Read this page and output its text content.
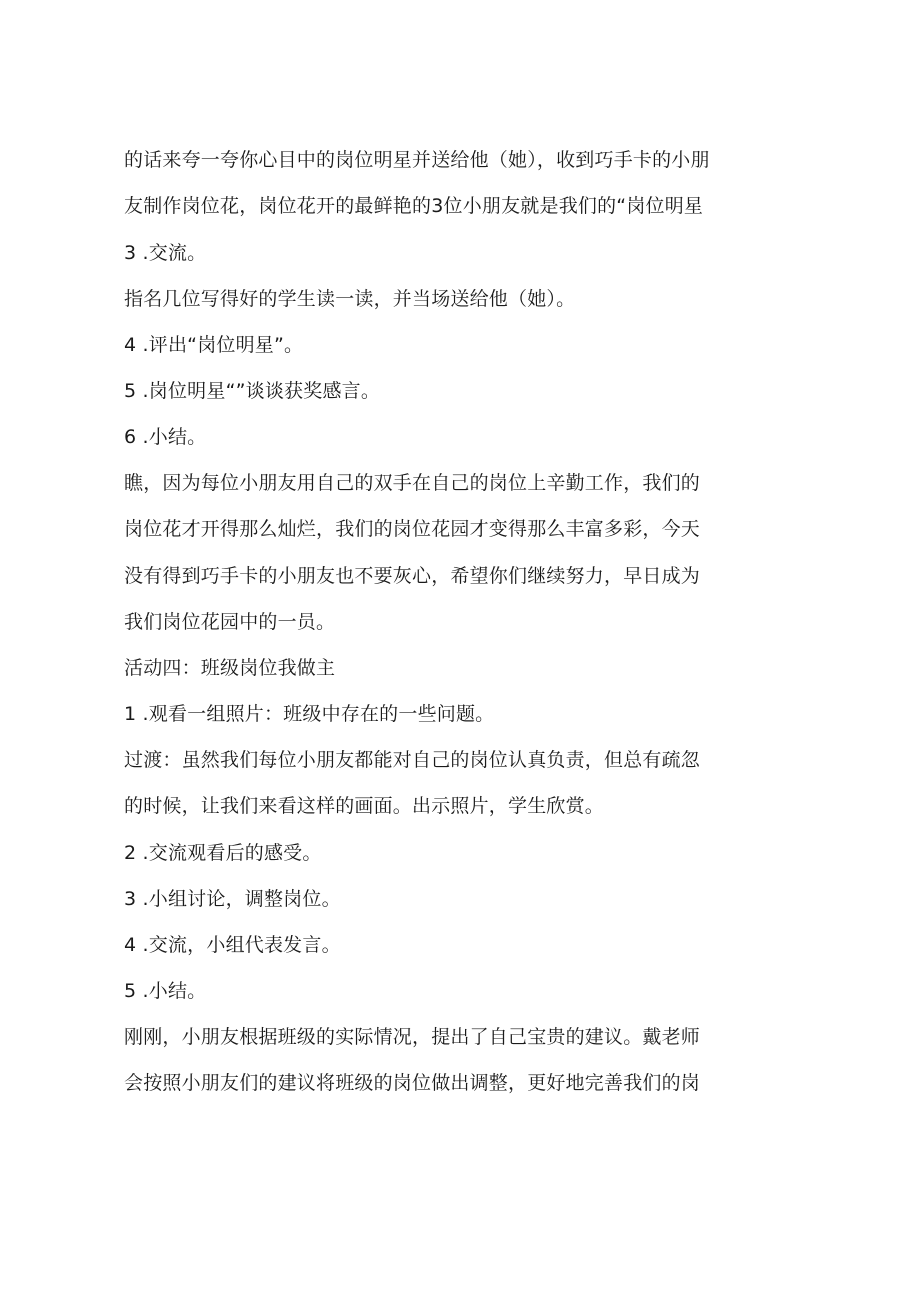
的话来夸一夸你心目中的岗位明星并送给他（她），收到巧手卡的小朋
友制作岗位花，岗位花开的最鲜艳的3位小朋友就是我们的“岗位明星
3 .交流。
指名几位写得好的学生读一读，并当场送给他（她）。
4 .评出“岗位明星”。
5 .岗位明星“”谈谈获奖感言。
6 .小结。
瞧，因为每位小朋友用自己的双手在自己的岗位上辛勤工作，我们的
岗位花才开得那么灿烂，我们的岗位花园才变得那么丰富多彩，今天
没有得到巧手卡的小朋友也不要灰心，希望你们继续努力，早日成为
我们岗位花园中的一员。
活动四：班级岗位我做主
1 .观看一组照片：班级中存在的一些问题。
过渡：虽然我们每位小朋友都能对自己的岗位认真负责，但总有疏忽
的时候，让我们来看这样的画面。出示照片，学生欣赏。
2 .交流观看后的感受。
3 .小组讨论，调整岗位。
4 .交流，小组代表发言。
5 .小结。
刚刚，小朋友根据班级的实际情况，提出了自己宝贵的建议。戴老师
会按照小朋友们的建议将班级的岗位做出调整，更好地完善我们的岗
